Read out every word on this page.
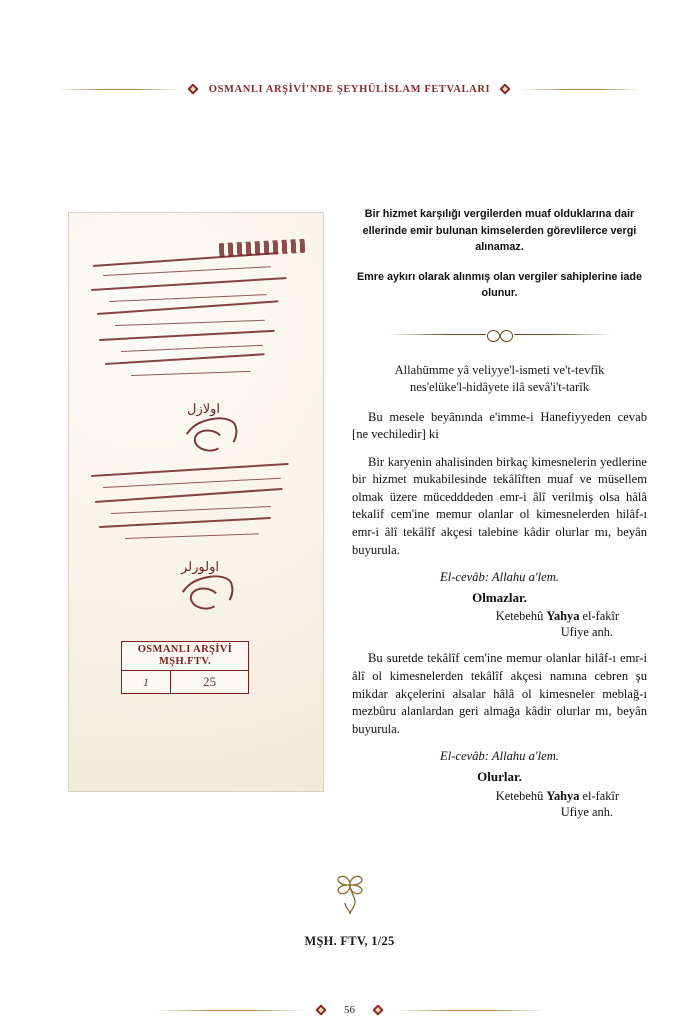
OSMANLI ARŞİVİ'NDE ŞEYHÜLİSLAM FETVALARI
اولازل
اولورلر
OSMANLI ARŞİVİ
MŞH.FTV.
1	25

Bir hizmet karşılığı vergilerden muaf olduklarına dair ellerinde emir bulunan kimselerden görevlilerce vergi alınamaz.

Emre aykırı olarak alınmış olan vergiler sahiplerine iade olunur.

Allahümme yâ veliyye'l-ismeti ve't-tevfîk
nes'elüke'l-hidâyete ilâ sevâ'i't-tarîk

Bu mesele beyânında e'imme-i Hanefiyyeden cevab [ne vechiledir] ki

Bir karyenin ahalisinden birkaç kimesnelerin yedlerine bir hizmet mukabilesinde tekâlîften muaf ve müsellem olmak üzere mücedddeden emr-i âlî verilmiş olsa hâlâ tekalif cem'ine memur olanlar ol kimesnelerden hilâf-ı emr-i âlî tekâlîf akçesi talebine kâdir olurlar mı, beyân buyurula.

El-cevâb: Allahu a'lem.
Olmazlar.
Ketebehû Yahya el-fakîr
Ufiye anh.

Bu suretde tekâlîf cem'ine memur olanlar hilâf-ı emr-i âlî ol kimesnelerden tekâlîf akçesi namına cebren şu mikdar akçelerini alsalar hâlâ ol kimesneler meblağ-ı mezbûru alanlardan geri almağa kâdir olurlar mı, beyân buyurula.

El-cevâb: Allahu a'lem.
Olurlar.
Ketebehû Yahya el-fakîr
Ufiye anh.
MŞH. FTV, 1/25
56
